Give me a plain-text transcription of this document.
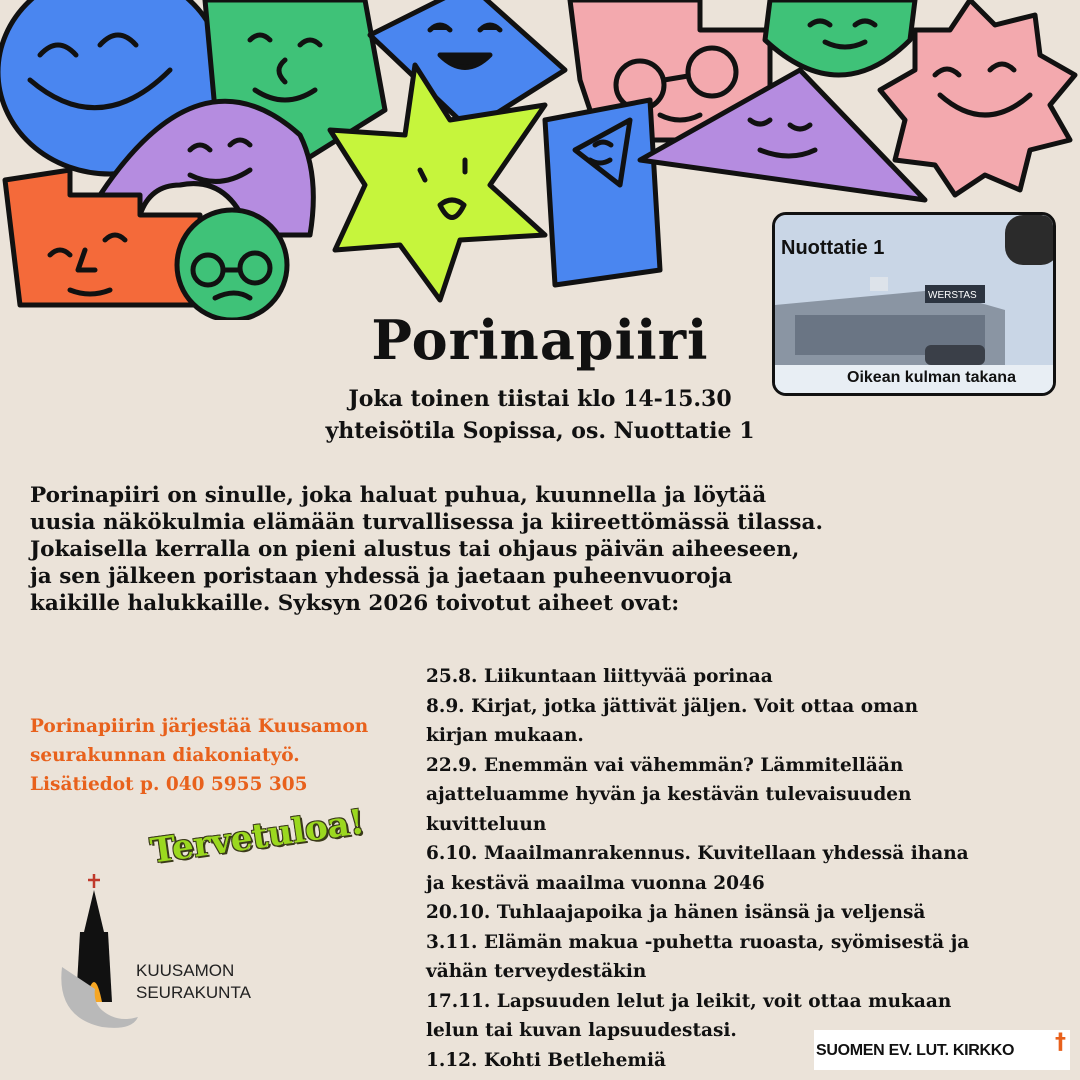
WERSTAS
Nuottatie 1
Oikean kulman takana
Porinapiiri
Joka toinen tiistai klo 14-15.30
yhteisötila Sopissa, os. Nuottatie 1
Porinapiiri on sinulle, joka haluat puhua, kuunnella ja löytää
uusia näkökulmia elämään turvallisessa ja kiireettömässä tilassa.
Jokaisella kerralla on pieni alustus tai ohjaus päivän aiheeseen,
ja sen jälkeen poristaan yhdessä ja jaetaan puheenvuoroja
kaikille halukkaille. Syksyn 2026 toivotut aiheet ovat:
Porinapiirin järjestää Kuusamon
seurakunnan diakoniatyö.
Lisätiedot p. 040 5955 305
25.8. Liikuntaan liittyvää porinaa
8.9. Kirjat, jotka jättivät jäljen. Voit ottaa oman
kirjan mukaan.
22.9. Enemmän vai vähemmän? Lämmitellään
ajatteluamme hyvän ja kestävän tulevaisuuden
kuvitteluun
6.10. Maailmanrakennus. Kuvitellaan yhdessä ihana
ja kestävä maailma vuonna 2046
20.10. Tuhlaajapoika ja hänen isänsä ja veljensä
3.11. Elämän makua -puhetta ruoasta, syömisestä ja
vähän terveydestäkin
17.11. Lapsuuden lelut ja leikit, voit ottaa mukaan
lelun tai kuvan lapsuudestasi.
1.12. Kohti Betlehemiä
Tervetuloa!
KUUSAMON
SEURAKUNTA
SUOMEN EV. LUT. KIRKKO †
